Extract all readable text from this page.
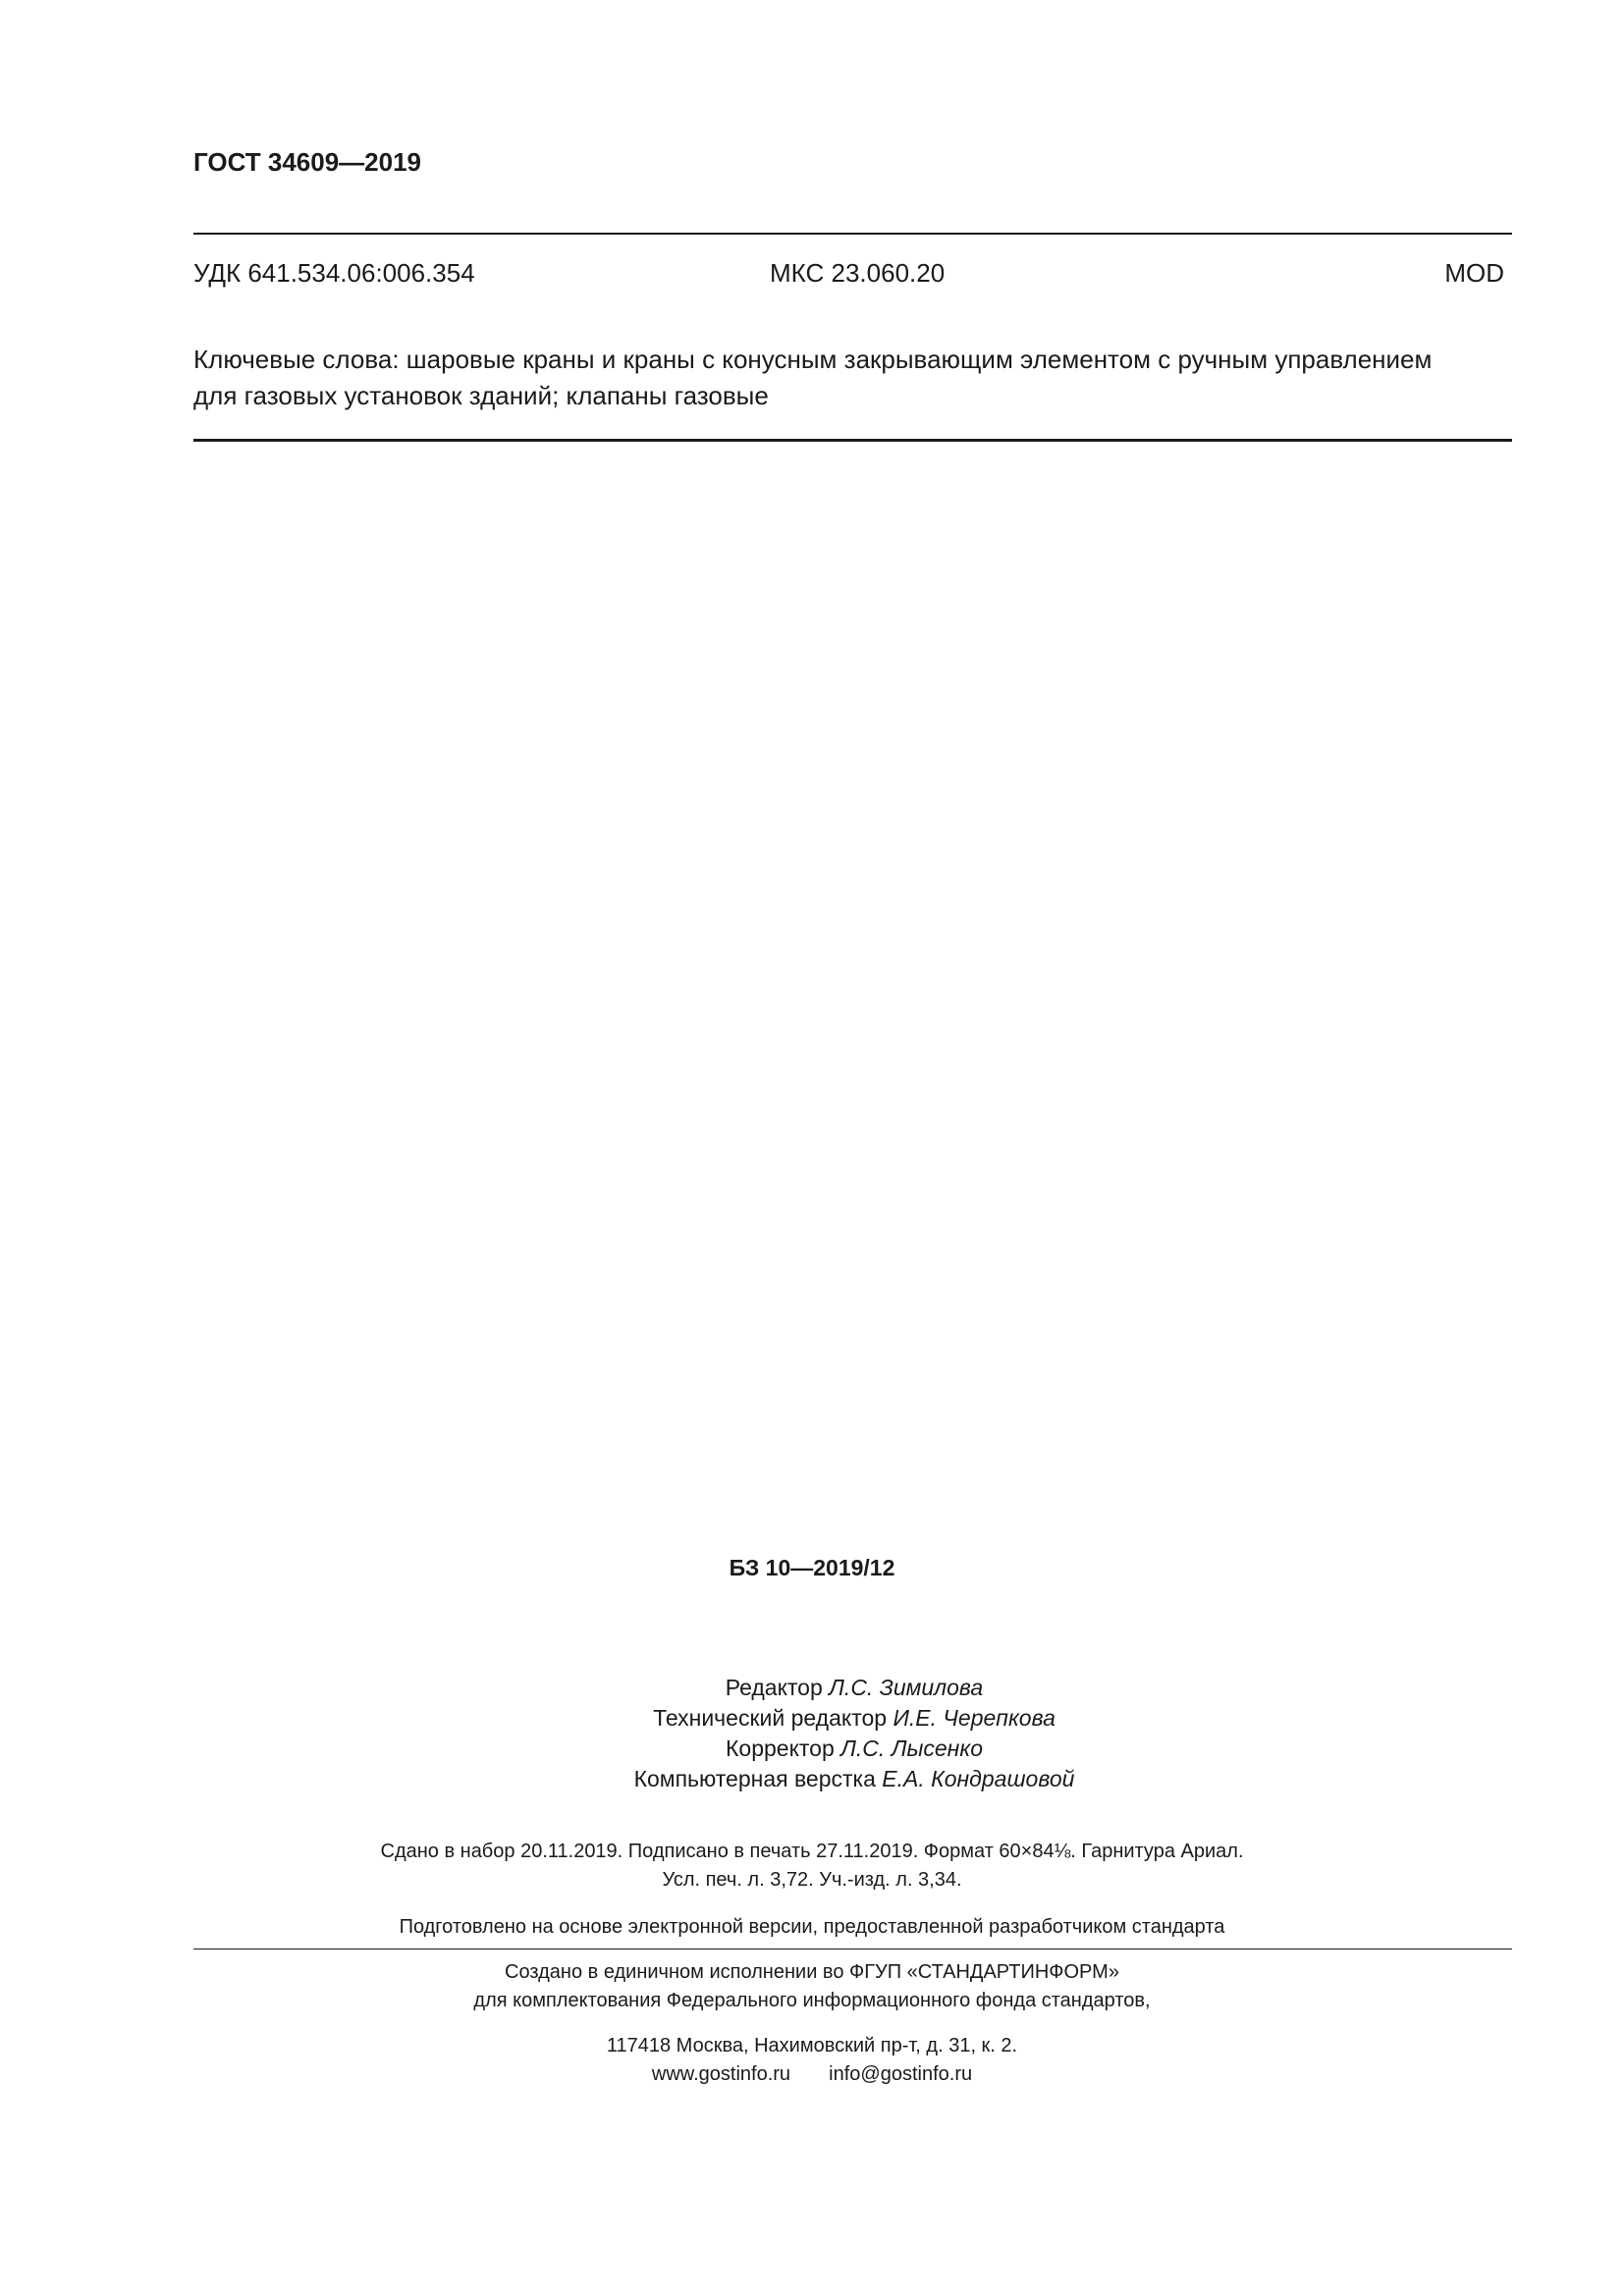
ГОСТ 34609—2019
УДК 641.534.06:006.354	МКС 23.060.20	MOD
Ключевые слова: шаровые краны и краны с конусным закрывающим элементом с ручным управлением
для газовых установок зданий; клапаны газовые
БЗ 10—2019/12
Редактор Л.С. Зимилова
Технический редактор И.Е. Черепкова
Корректор Л.С. Лысенко
Компьютерная верстка Е.А. Кондрашовой
Сдано в набор 20.11.2019. Подписано в печать 27.11.2019. Формат 60×84⅛. Гарнитура Ариал.
Усл. печ. л. 3,72. Уч.-изд. л. 3,34.
Подготовлено на основе электронной версии, предоставленной разработчиком стандарта
Создано в единичном исполнении во ФГУП «СТАНДАРТИНФОРМ»
для комплектования Федерального информационного фонда стандартов,
117418 Москва, Нахимовский пр-т, д. 31, к. 2.
www.gostinfo.ru info@gostinfo.ru
